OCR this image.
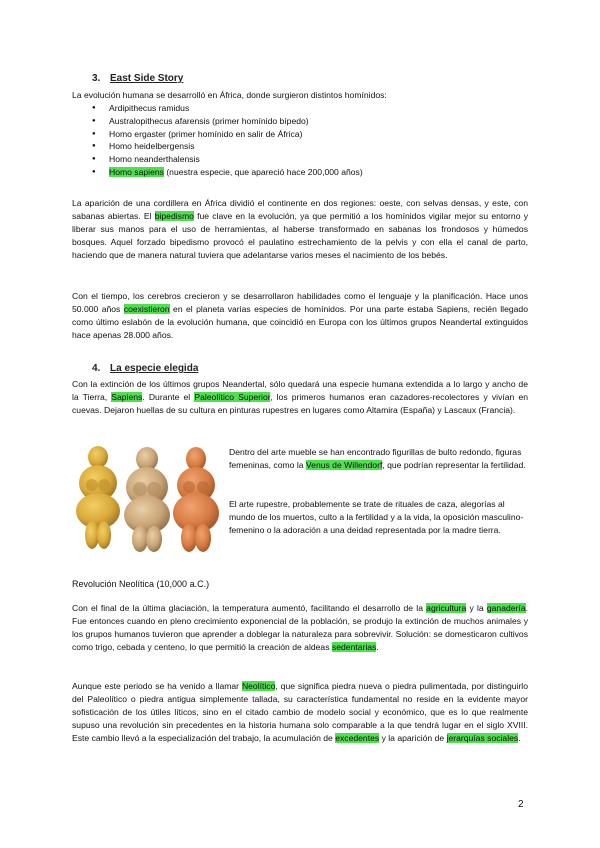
3. East Side Story
La evolución humana se desarrolló en África, donde surgieron distintos homínidos:
● Ardipithecus ramidus
● Australopithecus afarensis (primer homínido bípedo)
● Homo ergaster (primer homínido en salir de África)
● Homo heidelbergensis
● Homo neanderthalensis
● Homo sapiens (nuestra especie, que apareció hace 200,000 años)
La aparición de una cordillera en África dividió el continente en dos regiones: oeste, con selvas densas, y este, con sabanas abiertas. El bipedismo fue clave en la evolución, ya que permitió a los homínidos vigilar mejor su entorno y liberar sus manos para el uso de herramientas, al haberse transformado en sabanas los frondosos y húmedos bosques. Aquel forzado bipedismo provocó el paulatino estrechamiento de la pelvis y con ella el canal de parto, haciendo que de manera natural tuviera que adelantarse varios meses el nacimiento de los bebés.
Con el tiempo, los cerebros crecieron y se desarrollaron habilidades como el lenguaje y la planificación. Hace unos 50.000 años coexistieron en el planeta varias especies de homínidos. Por una parte estaba Sapiens, recién llegado como último eslabón de la evolución humana, que coincidió en Europa con los últimos grupos Neandertal extinguidos hace apenas 28.000 años.
4. La especie elegida
Con la extinción de los últimos grupos Neandertal, sólo quedará una especie humana extendida a lo largo y ancho de la Tierra, Sapiens. Durante el Paleolítico Superior, los primeros humanos eran cazadores-recolectores y vivían en cuevas. Dejaron huellas de su cultura en pinturas rupestres en lugares como Altamira (España) y Lascaux (Francia).
Dentro del arte mueble se han encontrado figurillas de bulto redondo, figuras femeninas, como la Venus de Willendorf, que podrían representar la fertilidad.
El arte rupestre, probablemente se trate de rituales de caza, alegorías al mundo de los muertos, culto a la fertilidad y a la vida, la oposición masculino-femenino o la adoración a una deidad representada por la madre tierra.
Revolución Neolítica (10,000 a.C.)
Con el final de la última glaciación, la temperatura aumentó, facilitando el desarrollo de la agricultura y la ganadería. Fue entonces cuando en pleno crecimiento exponencial de la población, se produjo la extinción de muchos animales y los grupos humanos tuvieron que aprender a doblegar la naturaleza para sobrevivir. Solución: se domesticaron cultivos como trigo, cebada y centeno, lo que permitió la creación de aldeas sedentarias.
Aunque este periodo se ha venido a llamar Neolítico, que significa piedra nueva o piedra pulimentada, por distinguirlo del Paleolítico o piedra antigua simplemente tallada, su característica fundamental no reside en la evidente mayor sofisticación de los útiles líticos, sino en el citado cambio de modelo social y económico, que es lo que realmente supuso una revolución sin precedentes en la historia humana solo comparable a la que tendrá lugar en el siglo XVIII. Este cambio llevó a la especialización del trabajo, la acumulación de excedentes y la aparición de jerarquías sociales.
2
